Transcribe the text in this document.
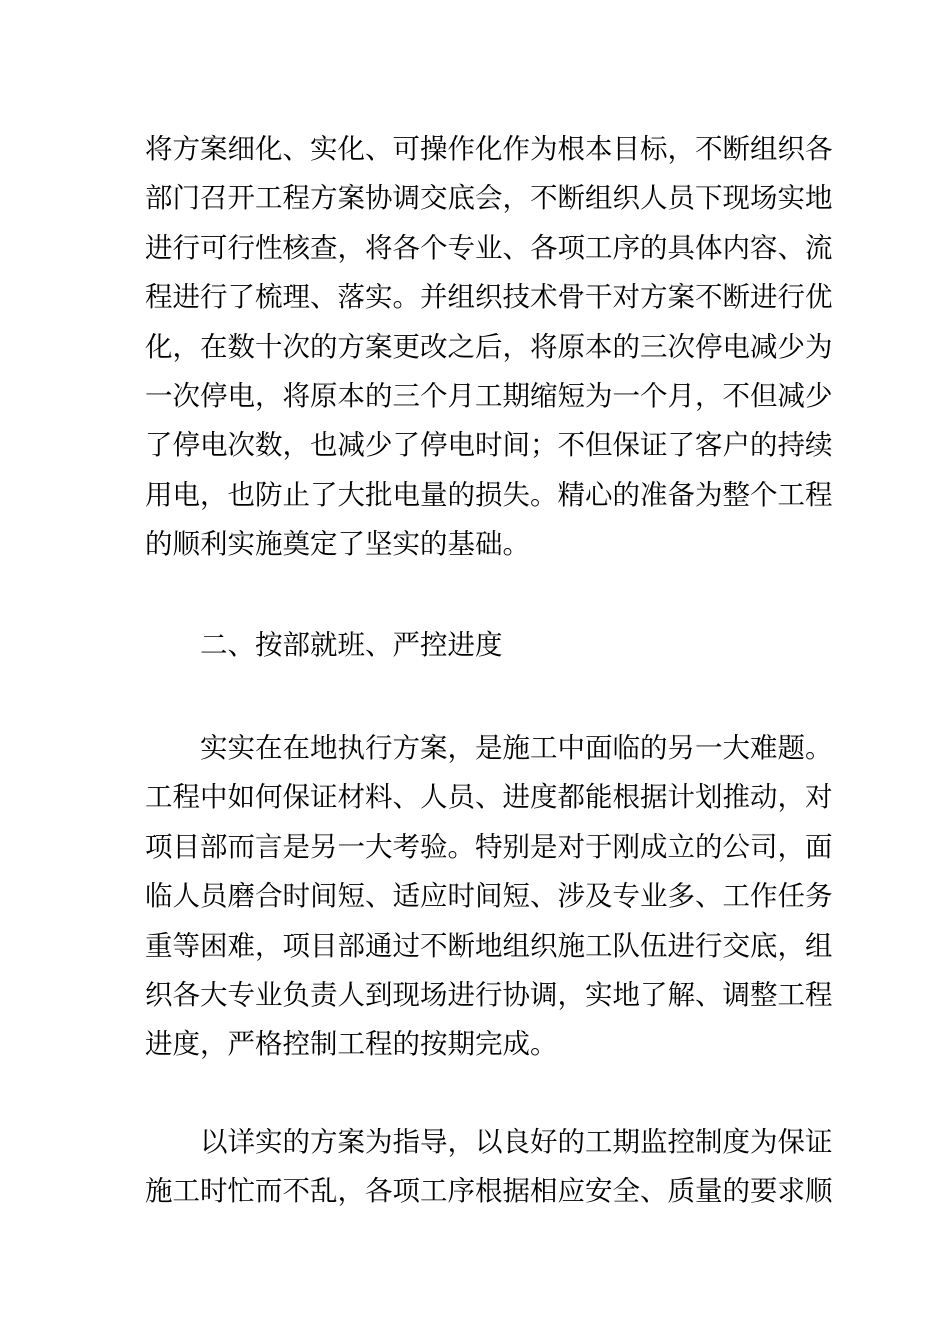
将方案细化、实化、可操作化作为根本目标，不断组织各
部门召开工程方案协调交底会，不断组织人员下现场实地
进行可行性核查，将各个专业、各项工序的具体内容、流
程进行了梳理、落实。并组织技术骨干对方案不断进行优
化，在数十次的方案更改之后，将原本的三次停电减少为
一次停电，将原本的三个月工期缩短为一个月，不但减少
了停电次数，也减少了停电时间；不但保证了客户的持续
用电，也防止了大批电量的损失。精心的准备为整个工程
的顺利实施奠定了坚实的基础。
二、按部就班、严控进度
实实在在地执行方案，是施工中面临的另一大难题。
工程中如何保证材料、人员、进度都能根据计划推动，对
项目部而言是另一大考验。特别是对于刚成立的公司，面
临人员磨合时间短、适应时间短、涉及专业多、工作任务
重等困难，项目部通过不断地组织施工队伍进行交底，组
织各大专业负责人到现场进行协调，实地了解、调整工程
进度，严格控制工程的按期完成。
以详实的方案为指导，以良好的工期监控制度为保证
施工时忙而不乱，各项工序根据相应安全、质量的要求顺
